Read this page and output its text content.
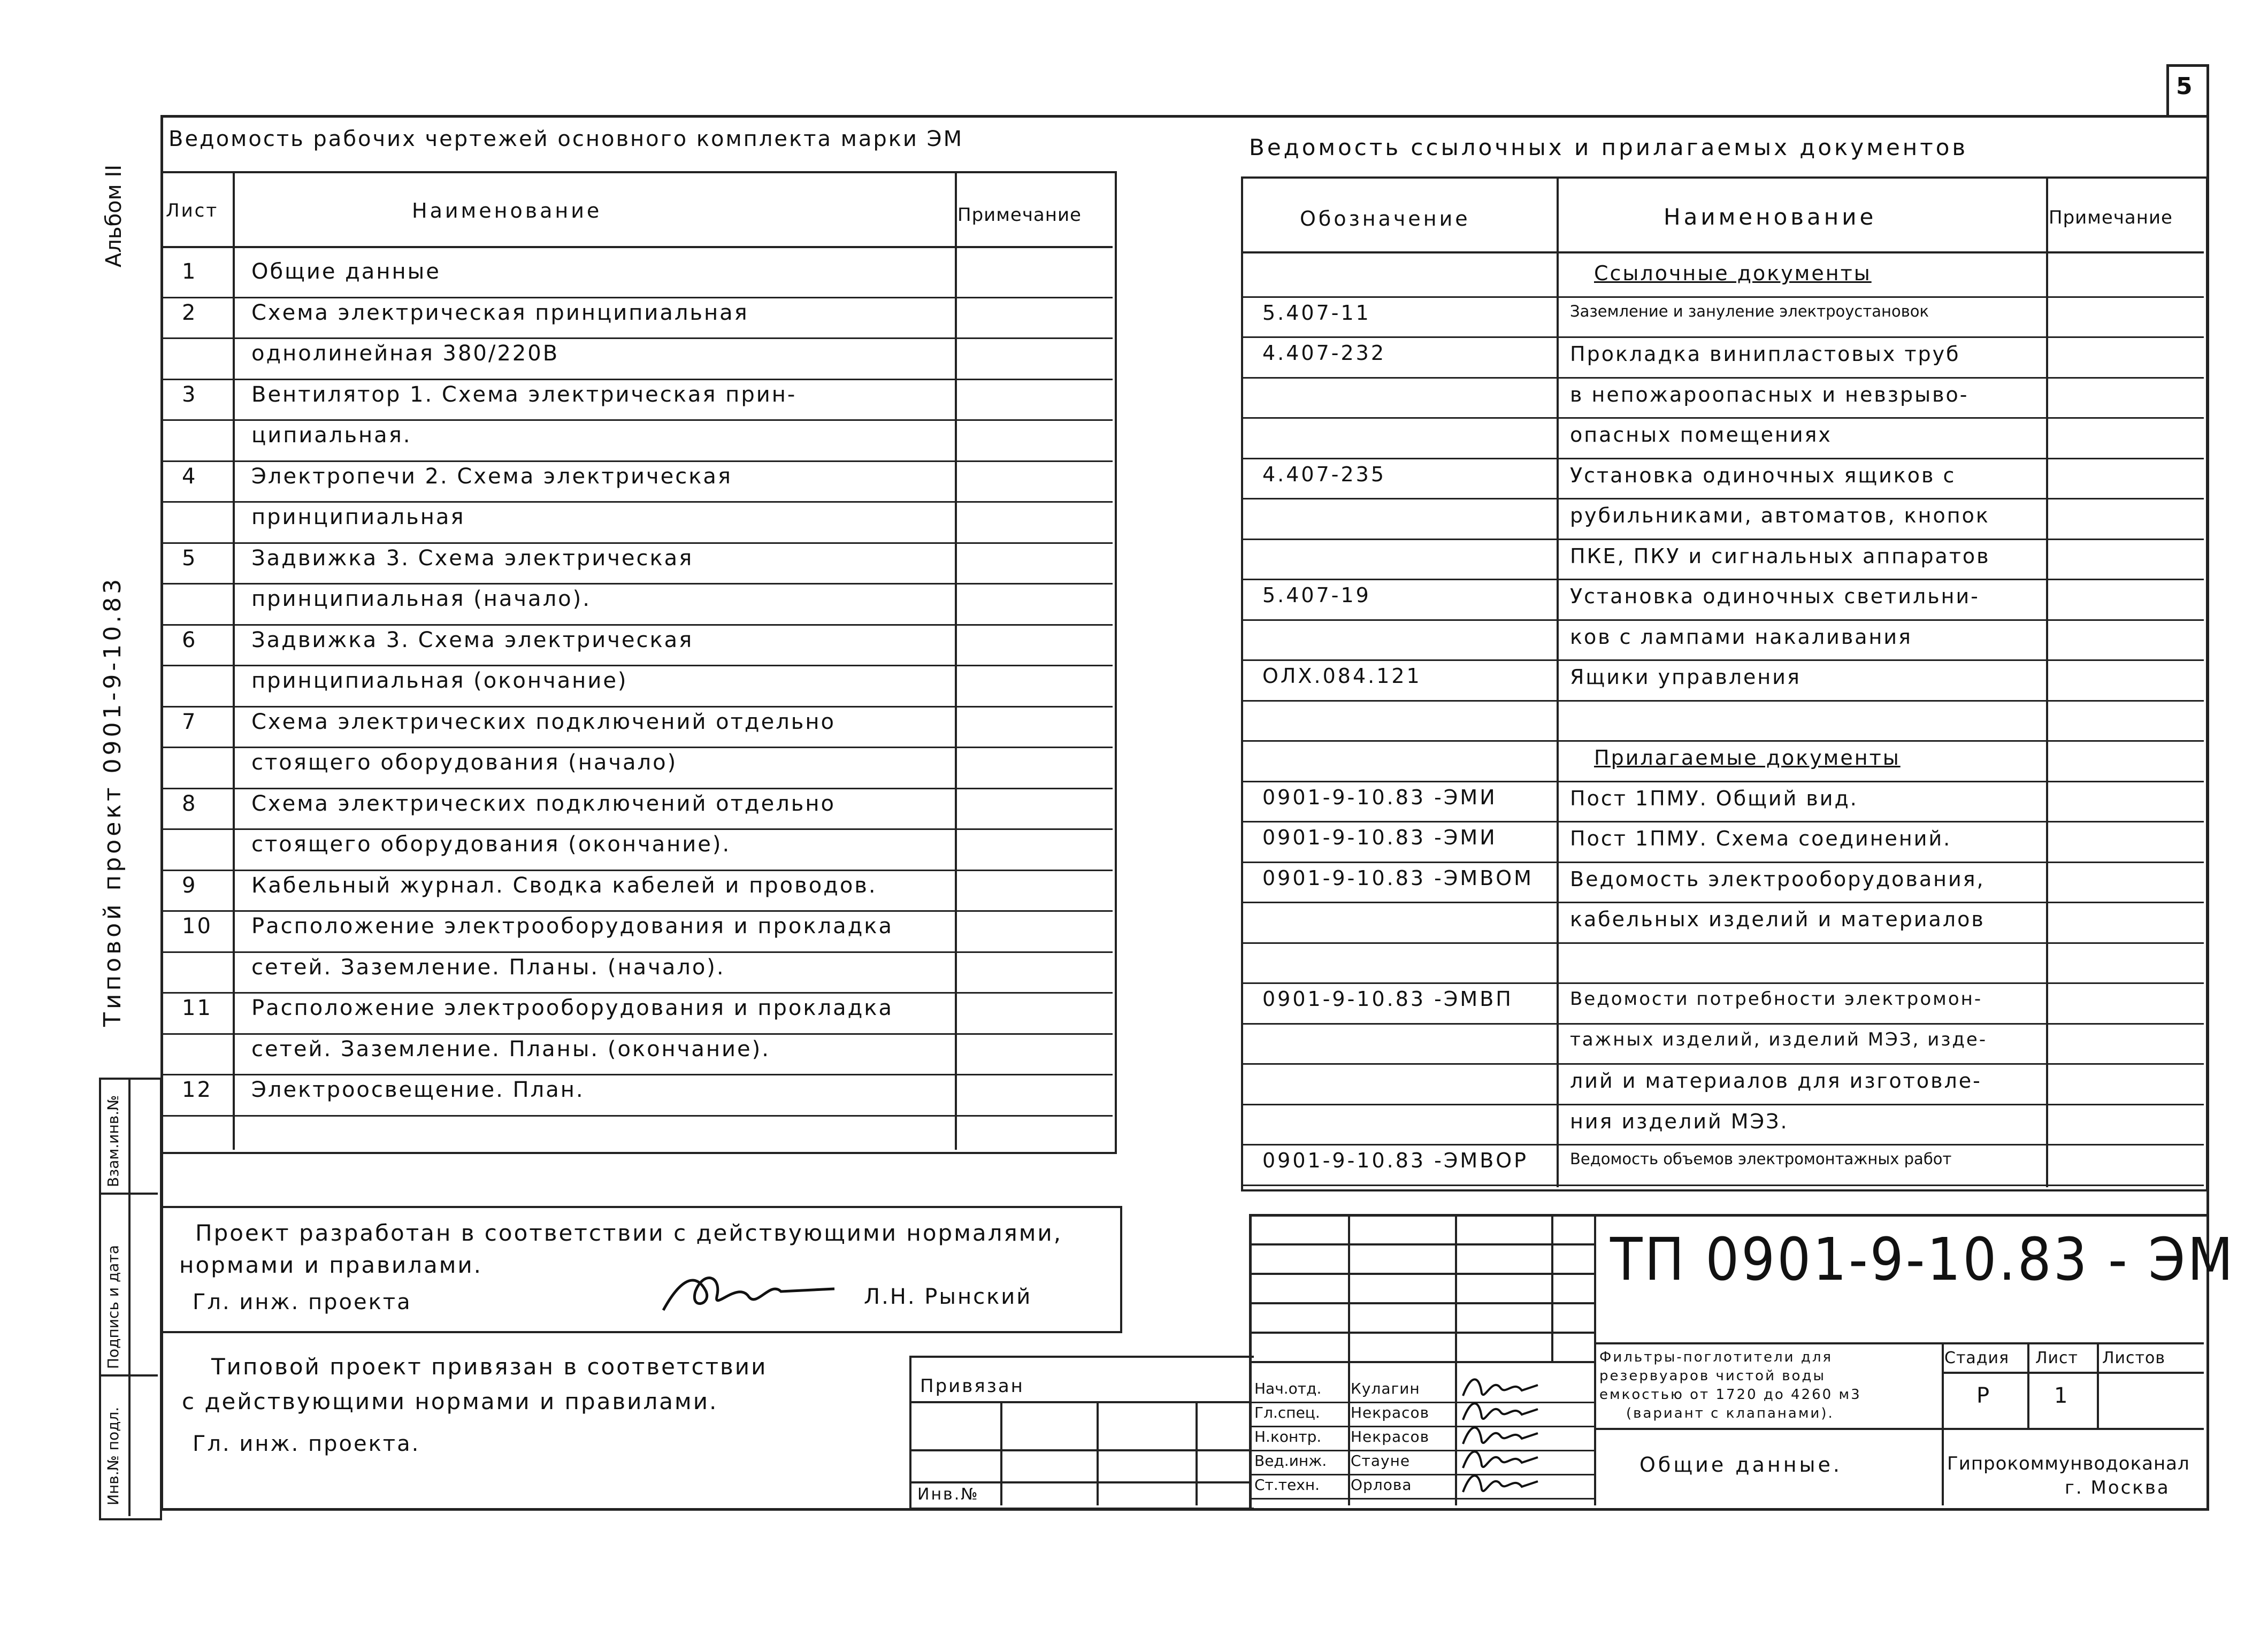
5
Альбом II
Типовой проект 0901-9-10.83
Взам.инв.№
Подпись и дата
Инв.№ подл.
Ведомость рабочих чертежей основного комплекта марки ЭМ
Лист	Наименование	Примечание
1	Общие данные
2	Схема электрическая принципиальная
однолинейная 380/220В
3	Вентилятор 1. Схема электрическая прин-
ципиальная.
4	Электропечи 2. Схема электрическая
принципиальная
5	Задвижка 3. Схема электрическая
принципиальная (начало).
6	Задвижка 3. Схема электрическая
принципиальная (окончание)
7	Схема электрических подключений отдельно
стоящего оборудования (начало)
8	Схема электрических подключений отдельно
стоящего оборудования (окончание).
9	Кабельный журнал. Сводка кабелей и проводов.
10 Расположение электрооборудования и прокладка
сетей. Заземление. Планы. (начало).
11 Расположение электрооборудования и прокладка
сетей. Заземление. Планы. (окончание).
12 Электроосвещение. План.
Проект разработан в соответствии с действующими нормалями,
нормами и правилами.
Гл. инж. проекта	Л.Н. Рынский
Типовой проект привязан в соответствии
с действующими нормами и правилами.
Гл. инж. проекта.
Ведомость ссылочных и прилагаемых документов
Обозначение	Наименование	Примечание
Ссылочные документы
5.407-11	Заземление и зануление электроустановок
4.407-232	Прокладка винипластовых труб
в непожароопасных и невзрыво-
опасных помещениях
4.407-235	Установка одиночных ящиков с
рубильниками, автоматов, кнопок
ПКЕ, ПКУ и сигнальных аппаратов
5.407-19	Установка одиночных светильни-
ков с лампами накаливания
ОЛХ.084.121	Ящики управления
Прилагаемые документы
0901-9-10.83 -ЭМИ	Пост 1ПМУ. Общий вид.
0901-9-10.83 -ЭМИ	Пост 1ПМУ. Схема соединений.
0901-9-10.83 -ЭМВОМ Ведомость электрооборудования,
кабельных изделий и материалов
0901-9-10.83 -ЭМВП	Ведомости потребности электромон-
тажных изделий, изделий МЭЗ, изде-
лий и материалов для изготовле-
ния изделий МЭЗ.
0901-9-10.83 -ЭМВОР	Ведомость объемов электромонтажных работ
ТП 0901-9-10.83 - ЭМ
Фильтры-поглотители для
резервуаров чистой воды
емкостью от 1720 до 4260 м3
(вариант с клапанами).
Стадия Лист Листов
Р	1
Общие данные.	Гипрокоммунводоканал
г. Москва
Привязан
Инв.№
Нач.отд. Кулагин
Гл.спец. Некрасов
Н.контр. Некрасов
Вед.инж. Стауне
Ст.техн. Орлова
